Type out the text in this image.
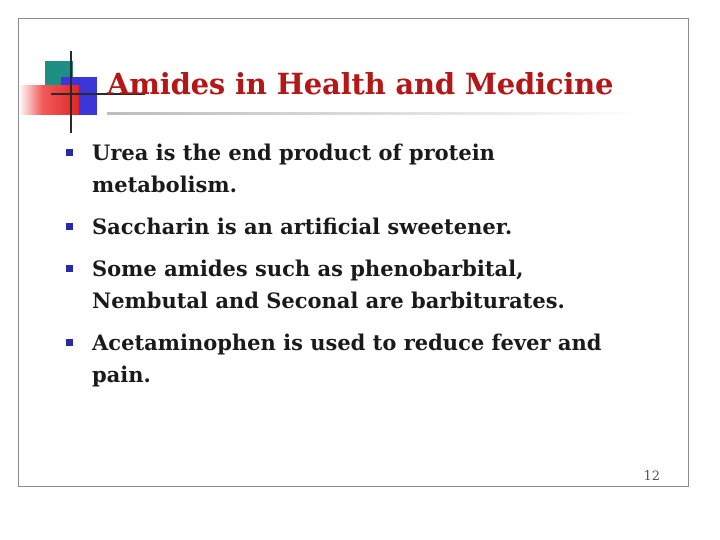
Amides in Health and Medicine
Urea is the end product of protein metabolism.
Saccharin is an artificial sweetener.
Some amides such as phenobarbital, Nembutal and Seconal are barbiturates.
Acetaminophen is used to reduce fever and pain.
12
